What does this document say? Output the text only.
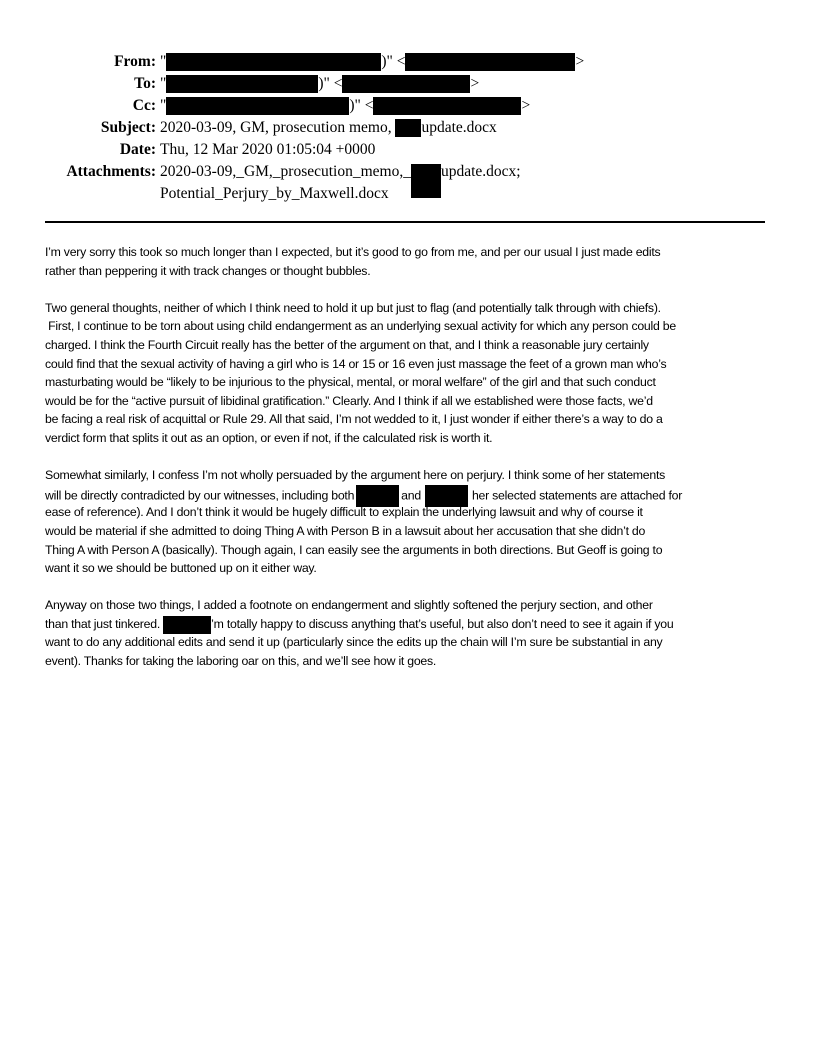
From: "	)" <	>
To: "	)" <	>
Cc: "	)" <	>
Subject: 2020-03-09, GM, prosecution memo, update.docx
Date: Thu, 12 Mar 2020 01:05:04 +0000
Attachments: 2020-03-09,_GM,_prosecution_memo,_ update.docx;
Potential_Perjury_by_Maxwell.docx
I’m very sorry this took so much longer than I expected, but it’s good to go from me, and per our usual I just made edits
rather than peppering it with track changes or thought bubbles.
Two general thoughts, neither of which I think need to hold it up but just to flag (and potentially talk through with chiefs).
First, I continue to be torn about using child endangerment as an underlying sexual activity for which any person could be
charged. I think the Fourth Circuit really has the better of the argument on that, and I think a reasonable jury certainly
could find that the sexual activity of having a girl who is 14 or 15 or 16 even just massage the feet of a grown man who’s
masturbating would be “likely to be injurious to the physical, mental, or moral welfare” of the girl and that such conduct
would be for the “active pursuit of libidinal gratification.” Clearly. And I think if all we established were those facts, we’d
be facing a real risk of acquittal or Rule 29. All that said, I’m not wedded to it, I just wonder if either there’s a way to do a
verdict form that splits it out as an option, or even if not, if the calculated risk is worth it.
Somewhat similarly, I confess I’m not wholly persuaded by the argument here on perjury. I think some of her statements
will be directly contradicted by our witnesses, including both	and	her selected statements are attached for
ease of reference). And I don’t think it would be hugely difficult to explain the underlying lawsuit and why of course it
would be material if she admitted to doing Thing A with Person B in a lawsuit about her accusation that she didn’t do
Thing A with Person A (basically). Though again, I can easily see the arguments in both directions. But Geoff is going to
want it so we should be buttoned up on it either way.
Anyway on those two things, I added a footnote on endangerment and slightly softened the perjury section, and other
than that just tinkered.	’m totally happy to discuss anything that’s useful, but also don’t need to see it again if you
want to do any additional edits and send it up (particularly since the edits up the chain will I’m sure be substantial in any
event). Thanks for taking the laboring oar on this, and we’ll see how it goes.
